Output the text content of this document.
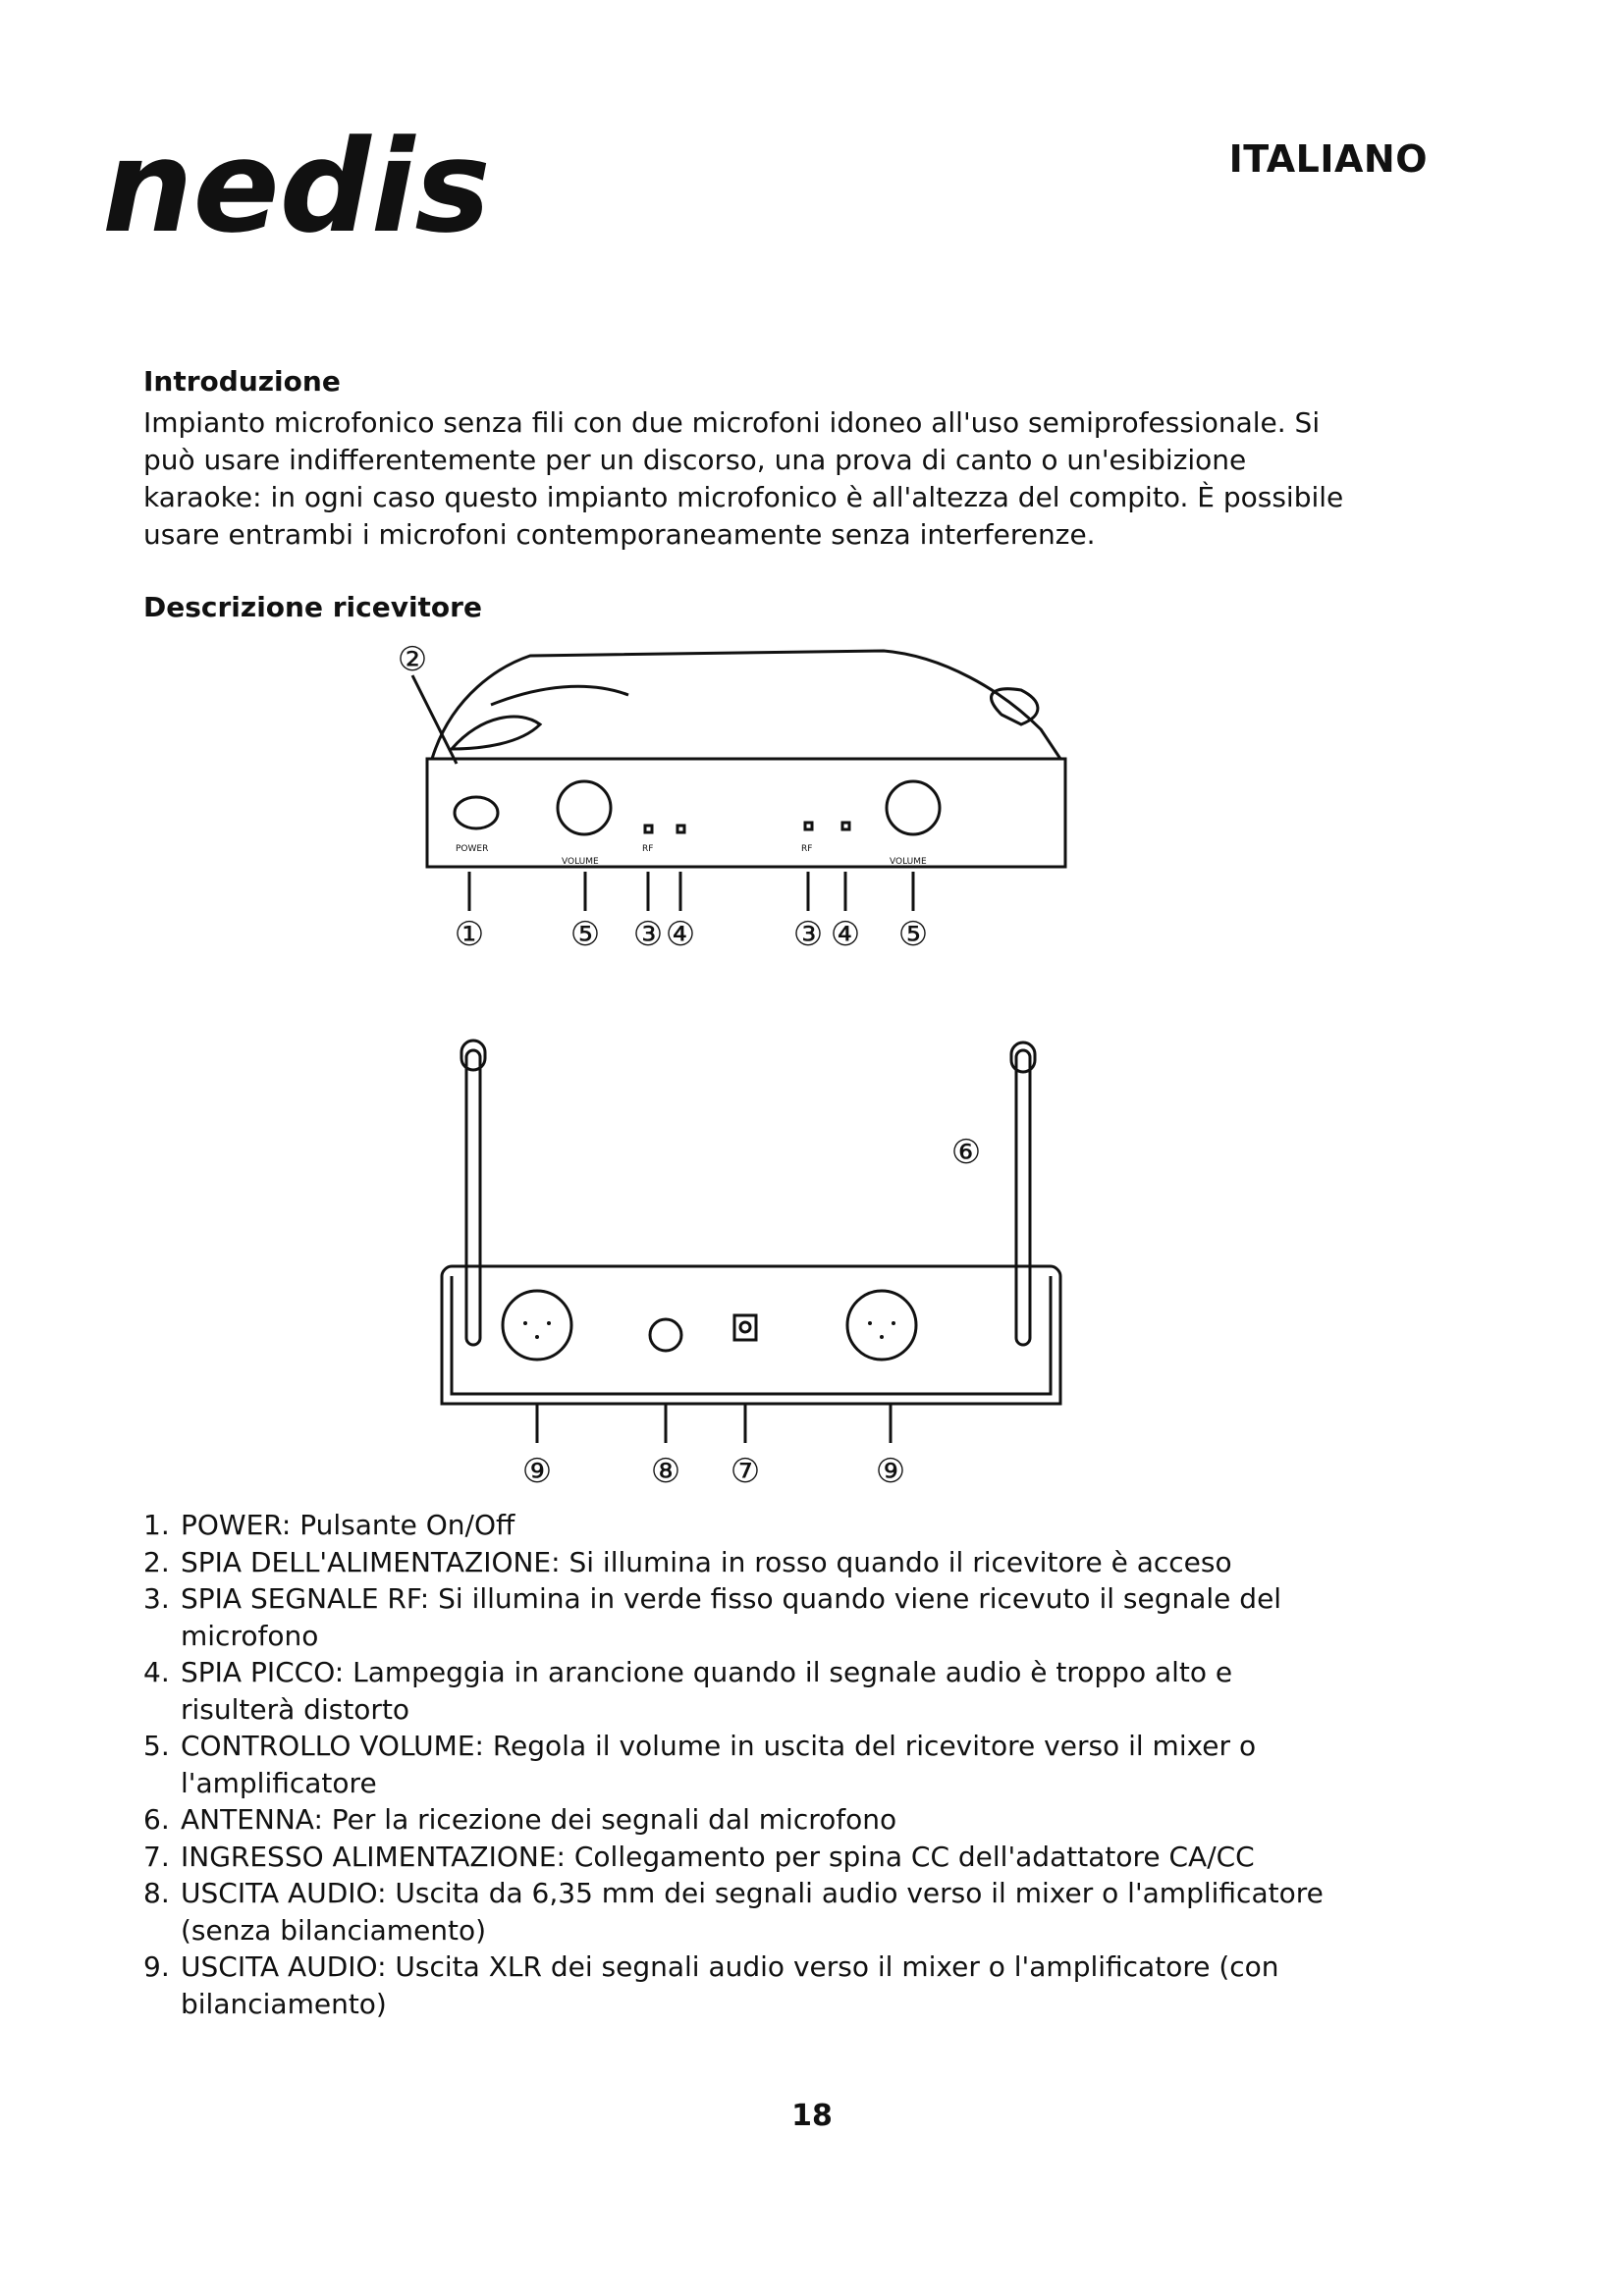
nedis	ITALIANO
Introduzione

Impianto microfonico senza fili con due microfoni idoneo all'uso semiprofessionale. Si può usare indifferentemente per un discorso, una prova di canto o un'esibizione karaoke: in ogni caso questo impianto microfonico è all'altezza del compito. È possibile usare entrambi i microfoni contemporaneamente senza interferenze.

Descrizione ricevitore
POWER
VOLUME
RF	RF
VOLUME
①	⑤ ③ ④	③ ④ ⑤
②
⑥
⑨	⑧ ⑦	⑨
1. POWER: Pulsante On/Off
2. SPIA DELL'ALIMENTAZIONE: Si illumina in rosso quando il ricevitore è acceso
3. SPIA SEGNALE RF: Si illumina in verde fisso quando viene ricevuto il segnale del microfono
4. SPIA PICCO: Lampeggia in arancione quando il segnale audio è troppo alto e risulterà distorto
5. CONTROLLO VOLUME: Regola il volume in uscita del ricevitore verso il mixer o l'amplificatore
6. ANTENNA: Per la ricezione dei segnali dal microfono
7. INGRESSO ALIMENTAZIONE: Collegamento per spina CC dell'adattatore CA/CC
8. USCITA AUDIO: Uscita da 6,35 mm dei segnali audio verso il mixer o l'amplificatore (senza bilanciamento)
9. USCITA AUDIO: Uscita XLR dei segnali audio verso il mixer o l'amplificatore (con bilanciamento)
18
